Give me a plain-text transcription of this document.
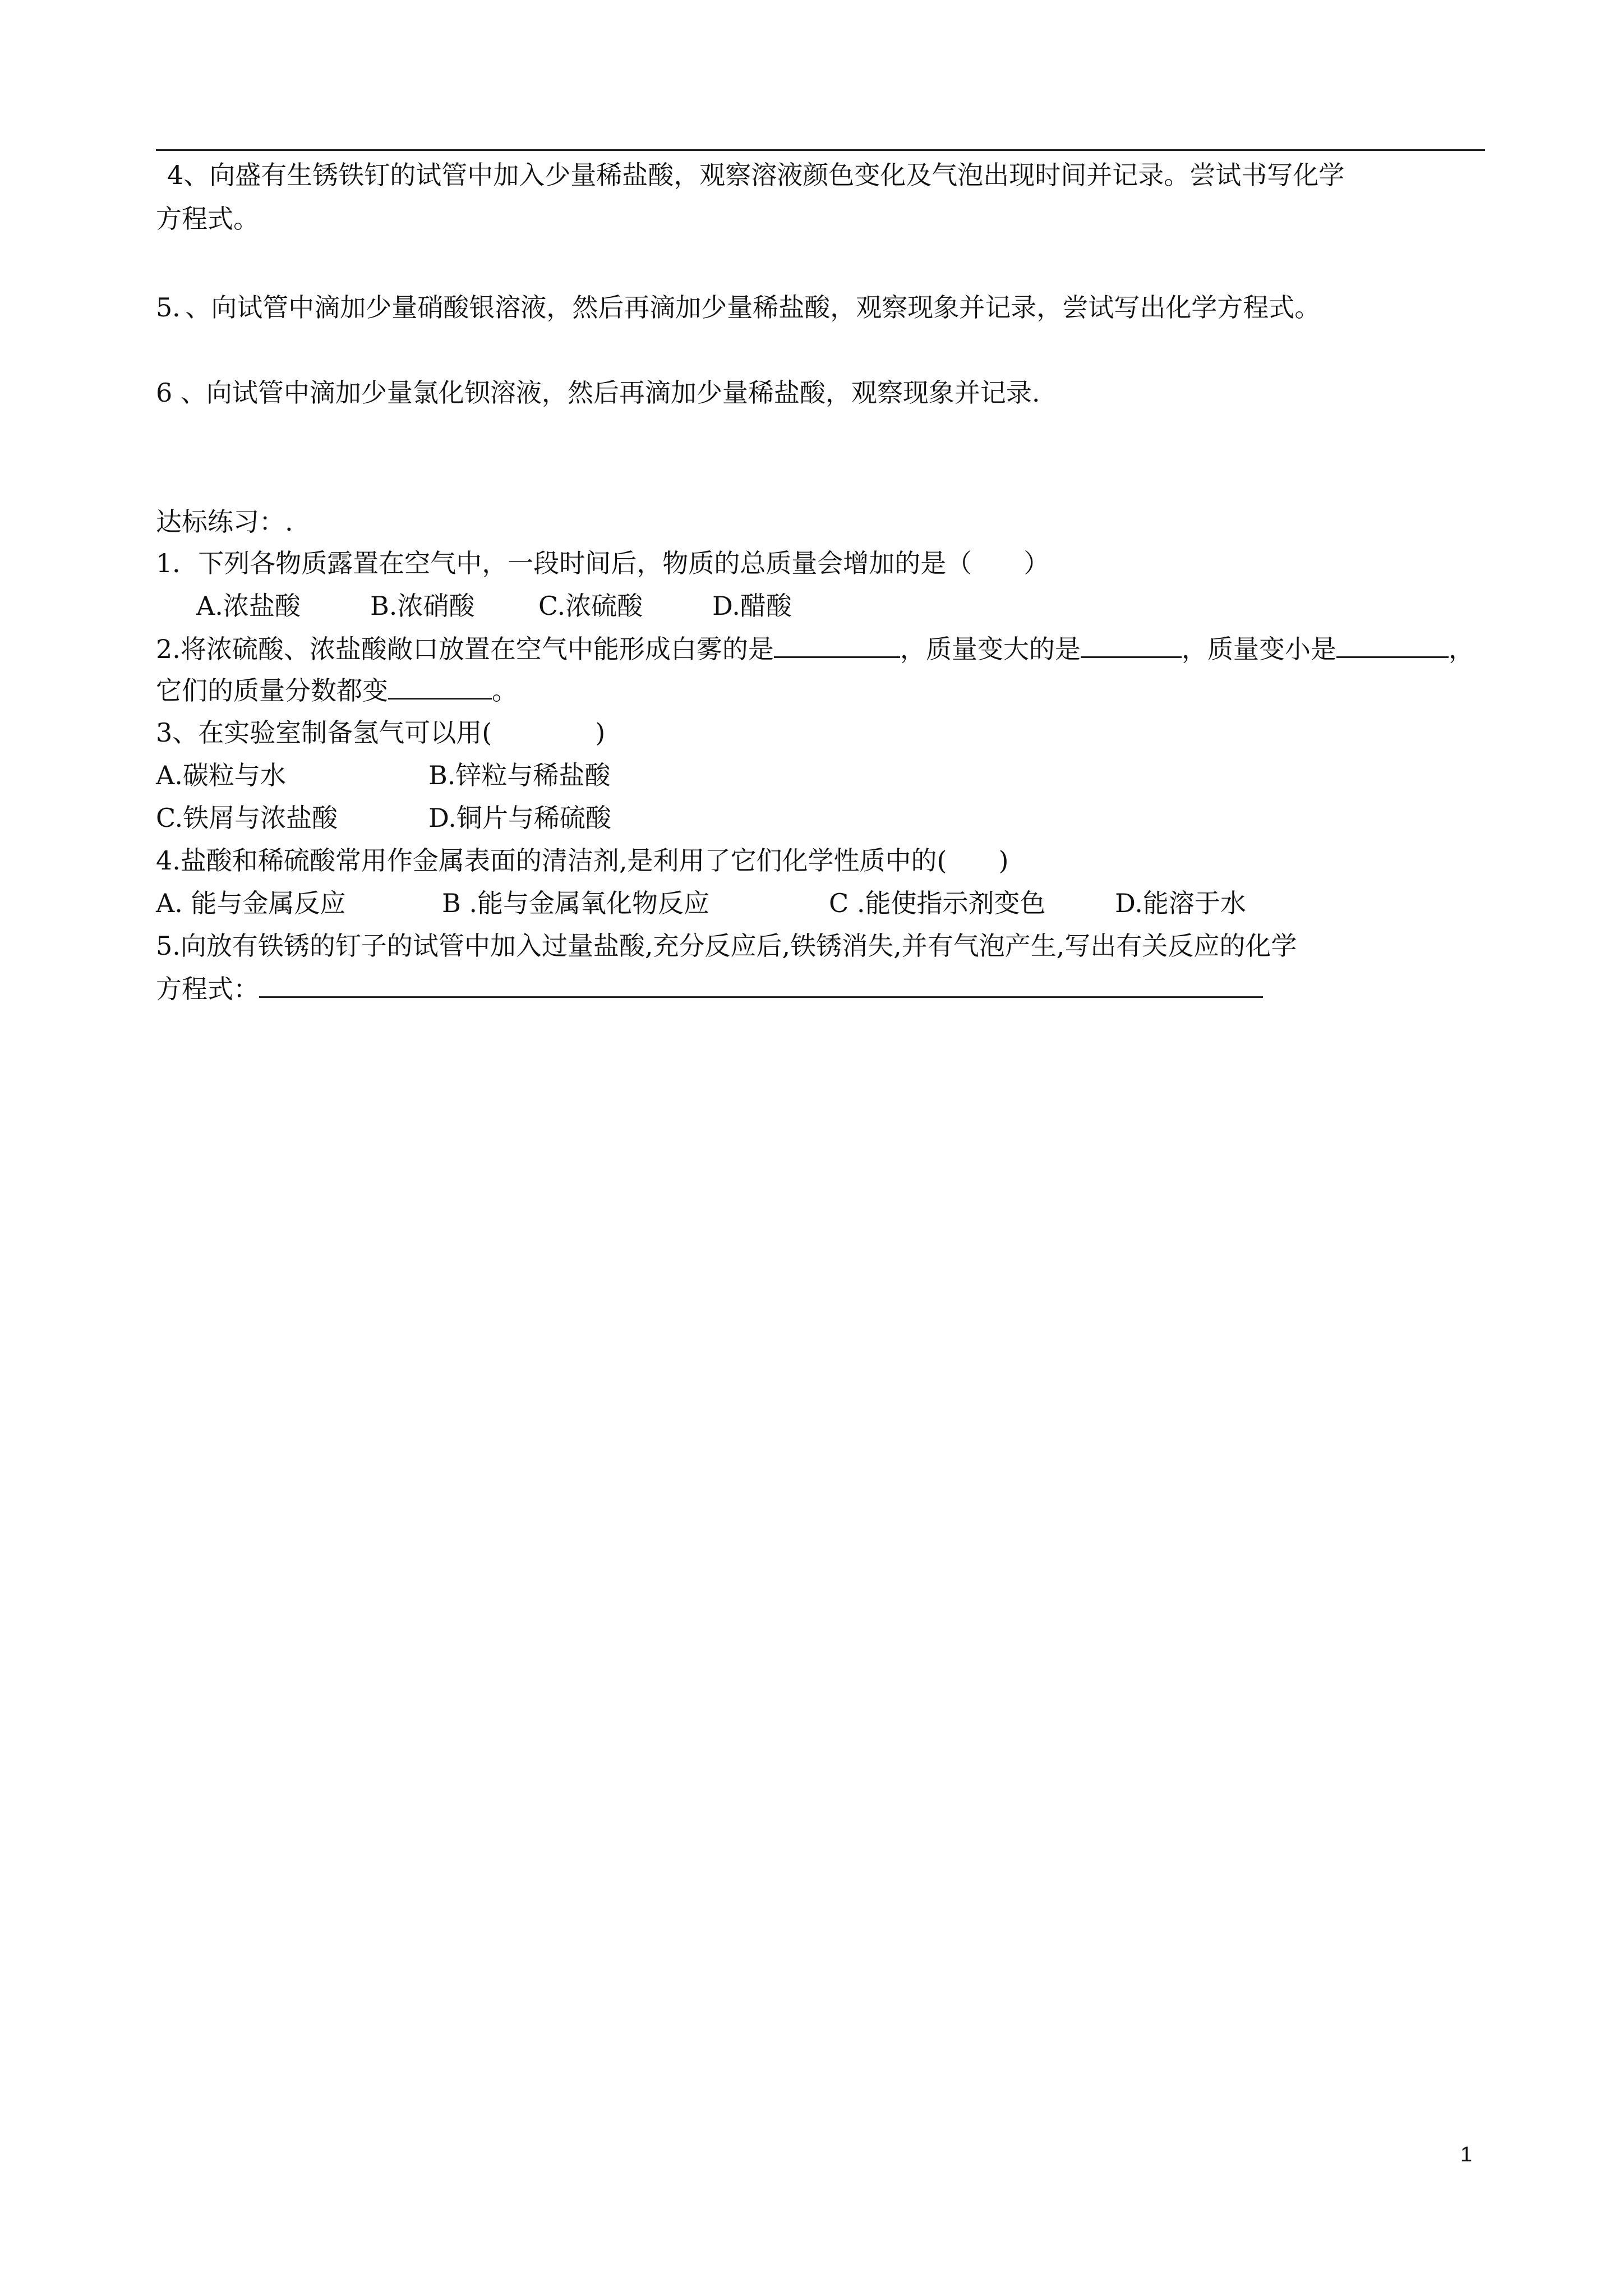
4、向盛有生锈铁钉的试管中加入少量稀盐酸，观察溶液颜色变化及气泡出现时间并记录。尝试书写化学
方程式。
5．、向试管中滴加少量硝酸银溶液，然后再滴加少量稀盐酸，观察现象并记录，尝试写出化学方程式。
6 、向试管中滴加少量氯化钡溶液，然后再滴加少量稀盐酸，观察现象并记录.
达标练习：.
1．下列各物质露置在空气中，一段时间后，物质的总质量会增加的是（　　）
A.浓盐酸	B.浓硝酸 C.浓硫酸	D.醋酸
2.将浓硫酸、浓盐酸敞口放置在空气中能形成白雾的是	，质量变大的是	，质量变小是	，
它们的质量分数都变	。
3、在实验室制备氢气可以用(　　　　)
A.碳粒与水	B.锌粒与稀盐酸
C.铁屑与浓盐酸	D.铜片与稀硫酸
4.盐酸和稀硫酸常用作金属表面的清洁剂,是利用了它们化学性质中的(　　)
A. 能与金属反应	B .能与金属氧化物反应	C .能使指示剂变色	D.能溶于水
5.向放有铁锈的钉子的试管中加入过量盐酸,充分反应后,铁锈消失,并有气泡产生,写出有关反应的化学
方程式：
1
